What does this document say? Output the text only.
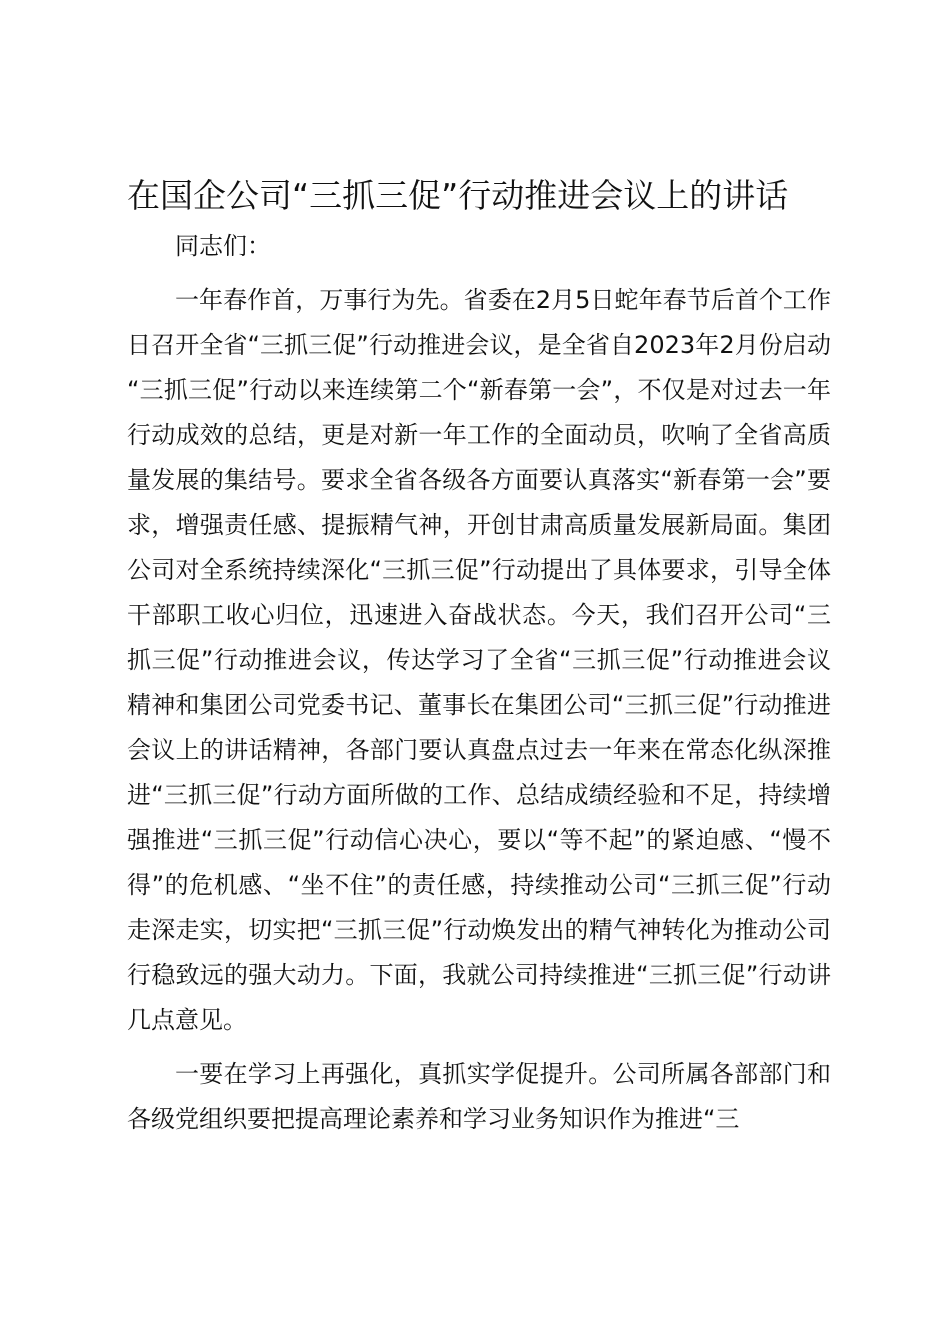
在国企公司“三抓三促”行动推进会议上的讲话

同志们：

一年春作首，万事行为先。省委在2月5日蛇年春节后首个工作日召开全省“三抓三促”行动推进会议，是全省自2023年2月份启动“三抓三促”行动以来连续第二个“新春第一会”，不仅是对过去一年行动成效的总结，更是对新一年工作的全面动员，吹响了全省高质量发展的集结号。要求全省各级各方面要认真落实“新春第一会”要求，增强责任感、提振精气神，开创甘肃高质量发展新局面。集团公司对全系统持续深化“三抓三促”行动提出了具体要求，引导全体干部职工收心归位，迅速进入奋战状态。今天，我们召开公司“三抓三促”行动推进会议，传达学习了全省“三抓三促”行动推进会议精神和集团公司党委书记、董事长在集团公司“三抓三促”行动推进会议上的讲话精神，各部门要认真盘点过去一年来在常态化纵深推进“三抓三促”行动方面所做的工作、总结成绩经验和不足，持续增强推进“三抓三促”行动信心决心，要以“等不起”的紧迫感、“慢不得”的危机感、“坐不住”的责任感，持续推动公司“三抓三促”行动走深走实，切实把“三抓三促”行动焕发出的精气神转化为推动公司行稳致远的强大动力。下面，我就公司持续推进“三抓三促”行动讲几点意见。

一要在学习上再强化，真抓实学促提升。公司所属各部部门和各级党组织要把提高理论素养和学习业务知识作为推进“三
